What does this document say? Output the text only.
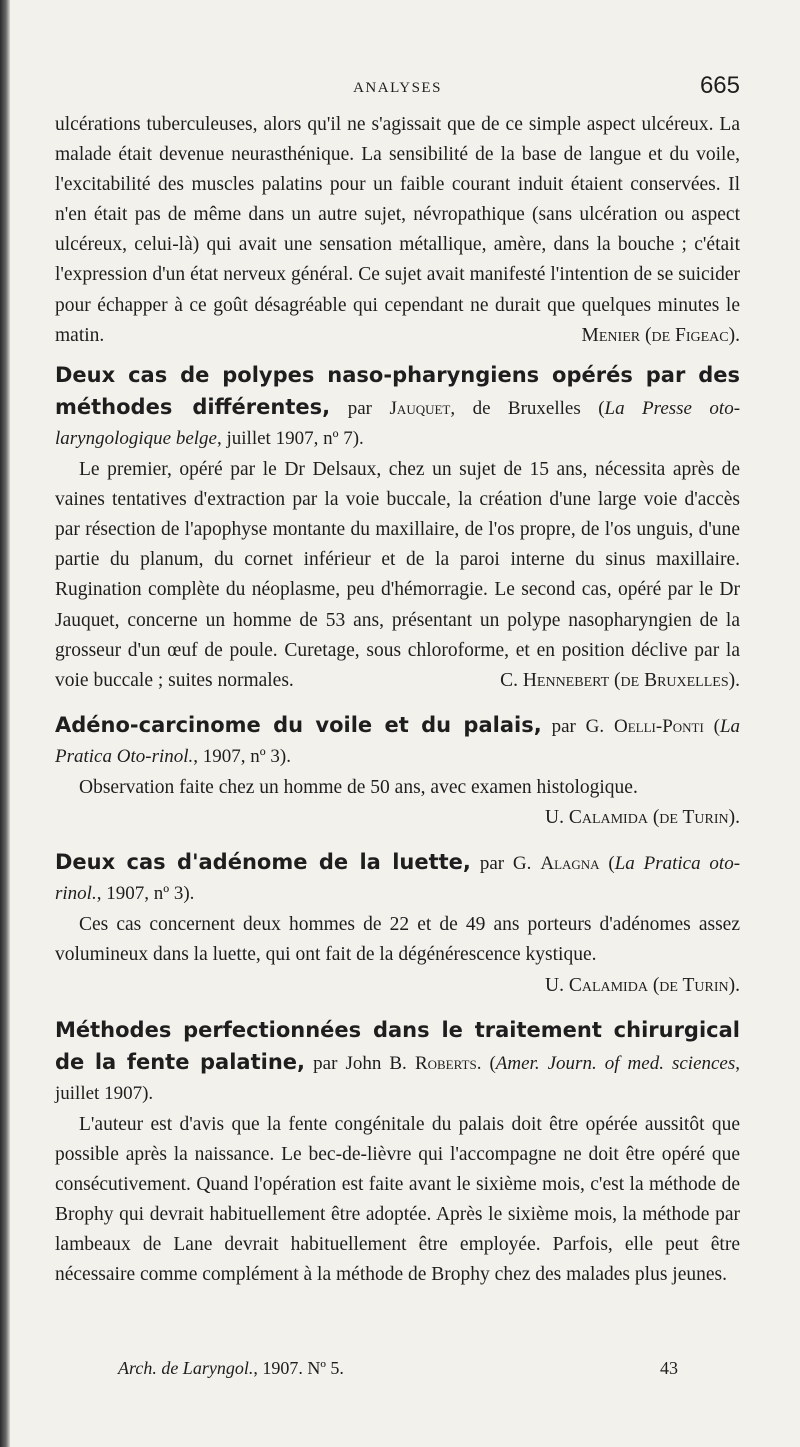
ANALYSES	665

ulcérations tuberculeuses, alors qu'il ne s'agissait que de ce simple aspect ulcéreux. La malade était devenue neurasthénique. La sensibilité de la base de langue et du voile, l'excitabilité des muscles palatins pour un faible courant induit étaient conservées. Il n'en était pas de même dans un autre sujet, névropathique (sans ulcération ou aspect ulcéreux, celui-là) qui avait une sensation métallique, amère, dans la bouche ; c'était l'expression d'un état nerveux général. Ce sujet avait manifesté l'intention de se suicider pour échapper à ce goût désagréable qui cependant ne durait que quelques minutes le matin.	Menier (de Figeac).

Deux cas de polypes naso-pharyngiens opérés par des méthodes différentes, par Jauquet, de Bruxelles (La Presse oto-laryngologique belge, juillet 1907, nº 7).

Le premier, opéré par le Dr Delsaux, chez un sujet de 15 ans, nécessita après de vaines tentatives d'extraction par la voie buccale, la création d'une large voie d'accès par résection de l'apophyse montante du maxillaire, de l'os propre, de l'os unguis, d'une partie du planum, du cornet inférieur et de la paroi interne du sinus maxillaire. Rugination complète du néoplasme, peu d'hémorragie. Le second cas, opéré par le Dr Jauquet, concerne un homme de 53 ans, présentant un polype nasopharyngien de la grosseur d'un œuf de poule. Curetage, sous chloroforme, et en position déclive par la voie buccale ; suites normales.	C. Hennebert (de Bruxelles).

Adéno-carcinome du voile et du palais, par G. Oelli-Ponti (La Pratica Oto-rinol., 1907, nº 3).

Observation faite chez un homme de 50 ans, avec examen histologique.
U. Calamida (de Turin).

Deux cas d'adénome de la luette, par G. Alagna (La Pratica oto-rinol., 1907, nº 3).

Ces cas concernent deux hommes de 22 et de 49 ans porteurs d'adénomes assez volumineux dans la luette, qui ont fait de la dégénérescence kystique.
U. Calamida (de Turin).

Méthodes perfectionnées dans le traitement chirurgical de la fente palatine, par John B. Roberts. (Amer. Journ. of med. sciences, juillet 1907).

L'auteur est d'avis que la fente congénitale du palais doit être opérée aussitôt que possible après la naissance. Le bec-de-lièvre qui l'accompagne ne doit être opéré que consécutivement. Quand l'opération est faite avant le sixième mois, c'est la méthode de Brophy qui devrait habituellement être adoptée. Après le sixième mois, la méthode par lambeaux de Lane devrait habituellement être employée. Parfois, elle peut être nécessaire comme complément à la méthode de Brophy chez des malades plus jeunes.

Arch. de Laryngol., 1907. Nº 5.	43
